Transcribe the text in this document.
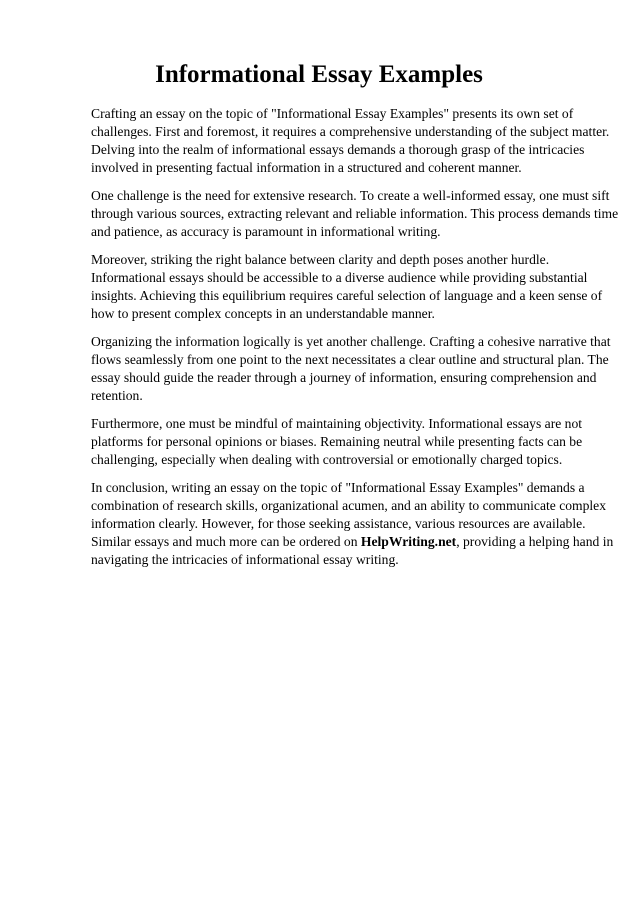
Informational Essay Examples

Crafting an essay on the topic of "Informational Essay Examples" presents its own set of
challenges. First and foremost, it requires a comprehensive understanding of the subject matter.
Delving into the realm of informational essays demands a thorough grasp of the intricacies
involved in presenting factual information in a structured and coherent manner.

One challenge is the need for extensive research. To create a well-informed essay, one must sift
through various sources, extracting relevant and reliable information. This process demands time
and patience, as accuracy is paramount in informational writing.

Moreover, striking the right balance between clarity and depth poses another hurdle.
Informational essays should be accessible to a diverse audience while providing substantial
insights. Achieving this equilibrium requires careful selection of language and a keen sense of
how to present complex concepts in an understandable manner.

Organizing the information logically is yet another challenge. Crafting a cohesive narrative that
flows seamlessly from one point to the next necessitates a clear outline and structural plan. The
essay should guide the reader through a journey of information, ensuring comprehension and
retention.

Furthermore, one must be mindful of maintaining objectivity. Informational essays are not
platforms for personal opinions or biases. Remaining neutral while presenting facts can be
challenging, especially when dealing with controversial or emotionally charged topics.

In conclusion, writing an essay on the topic of "Informational Essay Examples" demands a
combination of research skills, organizational acumen, and an ability to communicate complex
information clearly. However, for those seeking assistance, various resources are available.
Similar essays and much more can be ordered on HelpWriting.net, providing a helping hand in
navigating the intricacies of informational essay writing.
